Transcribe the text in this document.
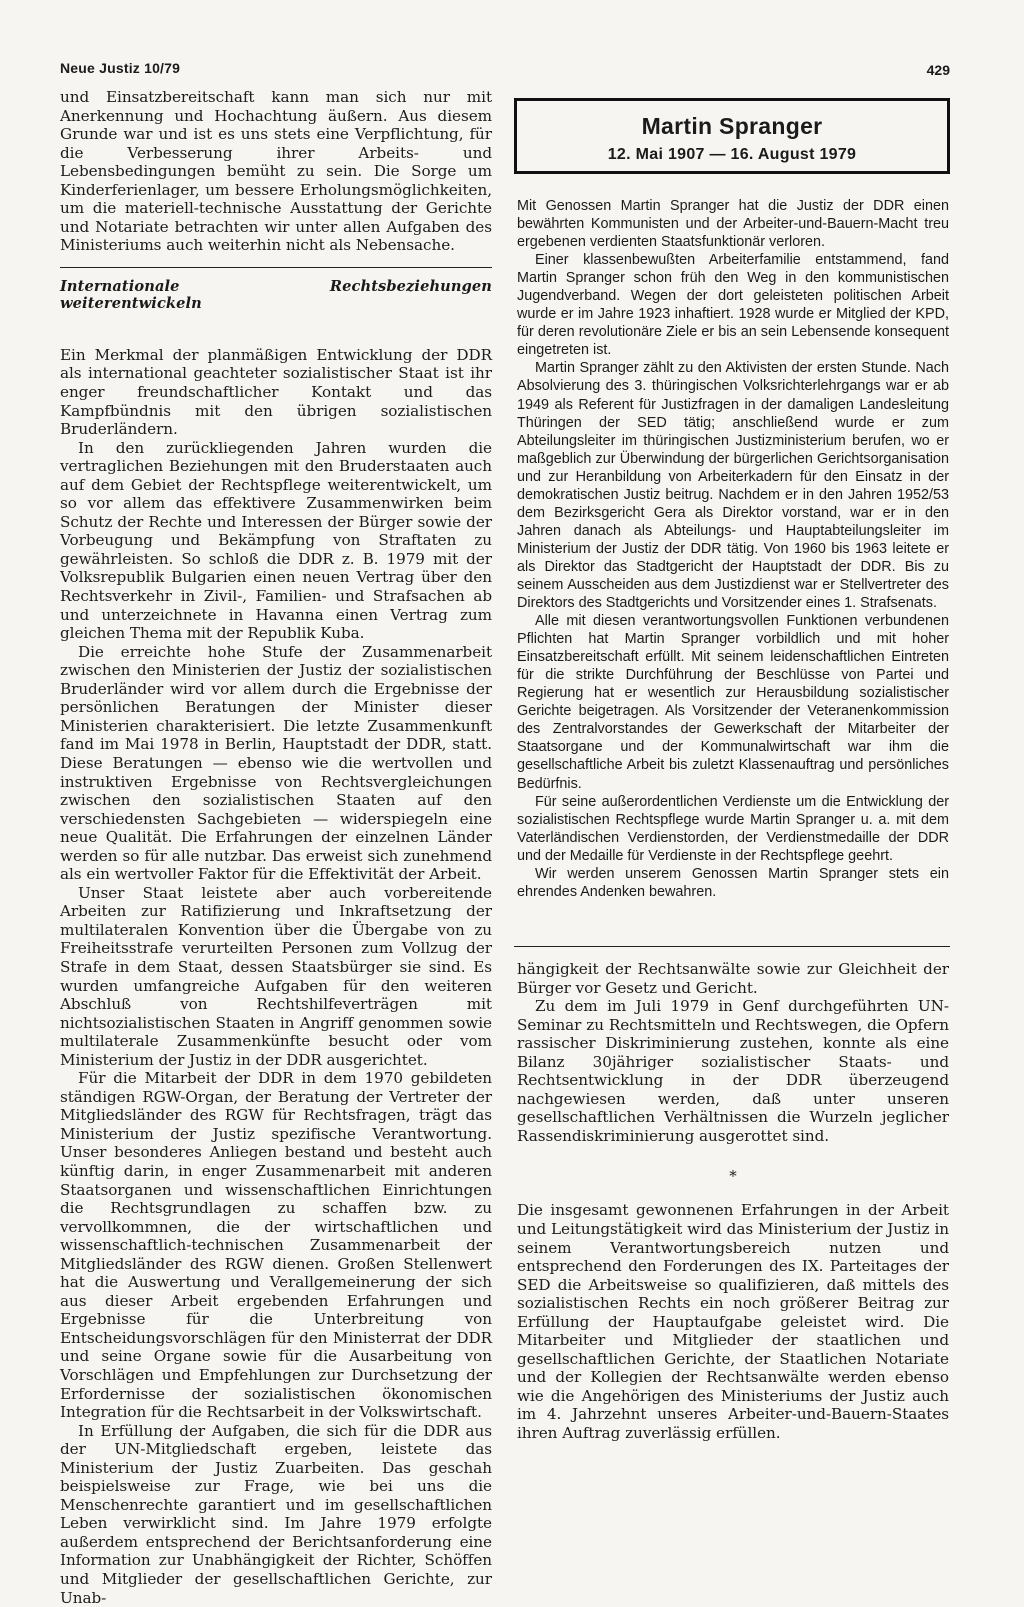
Neue Justiz 10/79	429

und Einsatzbereitschaft kann man sich nur mit Anerkennung und Hochachtung äußern. Aus diesem Grunde war und ist es uns stets eine Verpflichtung, für die Verbesserung ihrer Arbeits- und Lebensbedingungen bemüht zu sein. Die Sorge um Kinderferienlager, um bessere Erholungsmöglichkeiten, um die materiell-technische Ausstattung der Gerichte und Notariate betrachten wir unter allen Aufgaben des Ministeriums auch weiterhin nicht als Nebensache.

Internationale Rechtsbeziehungen weiterentwickeln

Ein Merkmal der planmäßigen Entwicklung der DDR als international geachteter sozialistischer Staat ist ihr enger freundschaftlicher Kontakt und das Kampfbündnis mit den übrigen sozialistischen Bruderländern.

In den zurückliegenden Jahren wurden die vertraglichen Beziehungen mit den Bruderstaaten auch auf dem Gebiet der Rechtspflege weiterentwickelt, um so vor allem das effektivere Zusammenwirken beim Schutz der Rechte und Interessen der Bürger sowie der Vorbeugung und Bekämpfung von Straftaten zu gewährleisten. So schloß die DDR z. B. 1979 mit der Volksrepublik Bulgarien einen neuen Vertrag über den Rechtsverkehr in Zivil-, Familien- und Strafsachen ab und unterzeichnete in Havanna einen Vertrag zum gleichen Thema mit der Republik Kuba.

Die erreichte hohe Stufe der Zusammenarbeit zwischen den Ministerien der Justiz der sozialistischen Bruderländer wird vor allem durch die Ergebnisse der persönlichen Beratungen der Minister dieser Ministerien charakterisiert. Die letzte Zusammenkunft fand im Mai 1978 in Berlin, Hauptstadt der DDR, statt. Diese Beratungen — ebenso wie die wertvollen und instruktiven Ergebnisse von Rechtsvergleichungen zwischen den sozialistischen Staaten auf den verschiedensten Sachgebieten — widerspiegeln eine neue Qualität. Die Erfahrungen der einzelnen Länder werden so für alle nutzbar. Das erweist sich zunehmend als ein wertvoller Faktor für die Effektivität der Arbeit.

Unser Staat leistete aber auch vorbereitende Arbeiten zur Ratifizierung und Inkraftsetzung der multilateralen Konvention über die Übergabe von zu Freiheitsstrafe verurteilten Personen zum Vollzug der Strafe in dem Staat, dessen Staatsbürger sie sind. Es wurden umfangreiche Aufgaben für den weiteren Abschluß von Rechtshilfeverträgen mit nichtsozialistischen Staaten in Angriff genommen sowie multilaterale Zusammenkünfte besucht oder vom Ministerium der Justiz in der DDR ausgerichtet.

Für die Mitarbeit der DDR in dem 1970 gebildeten ständigen RGW-Organ, der Beratung der Vertreter der Mitgliedsländer des RGW für Rechtsfragen, trägt das Ministerium der Justiz spezifische Verantwortung. Unser besonderes Anliegen bestand und besteht auch künftig darin, in enger Zusammenarbeit mit anderen Staatsorganen und wissenschaftlichen Einrichtungen die Rechtsgrundlagen zu schaffen bzw. zu vervollkommnen, die der wirtschaftlichen und wissenschaftlich-technischen Zusammenarbeit der Mitgliedsländer des RGW dienen. Großen Stellenwert hat die Auswertung und Verallgemeinerung der sich aus dieser Arbeit ergebenden Erfahrungen und Ergebnisse für die Unterbreitung von Entscheidungsvorschlägen für den Ministerrat der DDR und seine Organe sowie für die Ausarbeitung von Vorschlägen und Empfehlungen zur Durchsetzung der Erfordernisse der sozialistischen ökonomischen Integration für die Rechtsarbeit in der Volkswirtschaft.

In Erfüllung der Aufgaben, die sich für die DDR aus der UN-Mitgliedschaft ergeben, leistete das Ministerium der Justiz Zuarbeiten. Das geschah beispielsweise zur Frage, wie bei uns die Menschenrechte garantiert und im gesellschaftlichen Leben verwirklicht sind. Im Jahre 1979 erfolgte außerdem entsprechend der Berichtsanforderung eine Information zur Unabhängigkeit der Richter, Schöffen und Mitglieder der gesellschaftlichen Gerichte, zur Unab-

Martin Spranger
12. Mai 1907 — 16. August 1979

Mit Genossen Martin Spranger hat die Justiz der DDR einen bewährten Kommunisten und der Arbeiter-und-Bauern-Macht treu ergebenen verdienten Staatsfunktionär verloren.

Einer klassenbewußten Arbeiterfamilie entstammend, fand Martin Spranger schon früh den Weg in den kommunistischen Jugendverband. Wegen der dort geleisteten politischen Arbeit wurde er im Jahre 1923 inhaftiert. 1928 wurde er Mitglied der KPD, für deren revolutionäre Ziele er bis an sein Lebensende konsequent eingetreten ist.

Martin Spranger zählt zu den Aktivisten der ersten Stunde. Nach Absolvierung des 3. thüringischen Volksrichterlehrgangs war er ab 1949 als Referent für Justizfragen in der damaligen Landesleitung Thüringen der SED tätig; anschließend wurde er zum Abteilungsleiter im thüringischen Justizministerium berufen, wo er maßgeblich zur Überwindung der bürgerlichen Gerichtsorganisation und zur Heranbildung von Arbeiterkadern für den Einsatz in der demokratischen Justiz beitrug. Nachdem er in den Jahren 1952/53 dem Bezirksgericht Gera als Direktor vorstand, war er in den Jahren danach als Abteilungs- und Hauptabteilungsleiter im Ministerium der Justiz der DDR tätig. Von 1960 bis 1963 leitete er als Direktor das Stadtgericht der Hauptstadt der DDR. Bis zu seinem Ausscheiden aus dem Justizdienst war er Stellvertreter des Direktors des Stadtgerichts und Vorsitzender eines 1. Strafsenats.

Alle mit diesen verantwortungsvollen Funktionen verbundenen Pflichten hat Martin Spranger vorbildlich und mit hoher Einsatzbereitschaft erfüllt. Mit seinem leidenschaftlichen Eintreten für die strikte Durchführung der Beschlüsse von Partei und Regierung hat er wesentlich zur Herausbildung sozialistischer Gerichte beigetragen. Als Vorsitzender der Veteranenkommission des Zentralvorstandes der Gewerkschaft der Mitarbeiter der Staatsorgane und der Kommunalwirtschaft war ihm die gesellschaftliche Arbeit bis zuletzt Klassenauftrag und persönliches Bedürfnis.

Für seine außerordentlichen Verdienste um die Entwicklung der sozialistischen Rechtspflege wurde Martin Spranger u. a. mit dem Vaterländischen Verdienstorden, der Verdienstmedaille der DDR und der Medaille für Verdienste in der Rechtspflege geehrt.

Wir werden unserem Genossen Martin Spranger stets ein ehrendes Andenken bewahren.

hängigkeit der Rechtsanwälte sowie zur Gleichheit der Bürger vor Gesetz und Gericht.

Zu dem im Juli 1979 in Genf durchgeführten UN-Seminar zu Rechtsmitteln und Rechtswegen, die Opfern rassischer Diskriminierung zustehen, konnte als eine Bilanz 30jähriger sozialistischer Staats- und Rechtsentwicklung in der DDR überzeugend nachgewiesen werden, daß unter unseren gesellschaftlichen Verhältnissen die Wurzeln jeglicher Rassendiskriminierung ausgerottet sind.

*

Die insgesamt gewonnenen Erfahrungen in der Arbeit und Leitungstätigkeit wird das Ministerium der Justiz in seinem Verantwortungsbereich nutzen und entsprechend den Forderungen des IX. Parteitages der SED die Arbeitsweise so qualifizieren, daß mittels des sozialistischen Rechts ein noch größerer Beitrag zur Erfüllung der Hauptaufgabe geleistet wird. Die Mitarbeiter und Mitglieder der staatlichen und gesellschaftlichen Gerichte, der Staatlichen Notariate und der Kollegien der Rechtsanwälte werden ebenso wie die Angehörigen des Ministeriums der Justiz auch im 4. Jahrzehnt unseres Arbeiter-und-Bauern-Staates ihren Auftrag zuverlässig erfüllen.
